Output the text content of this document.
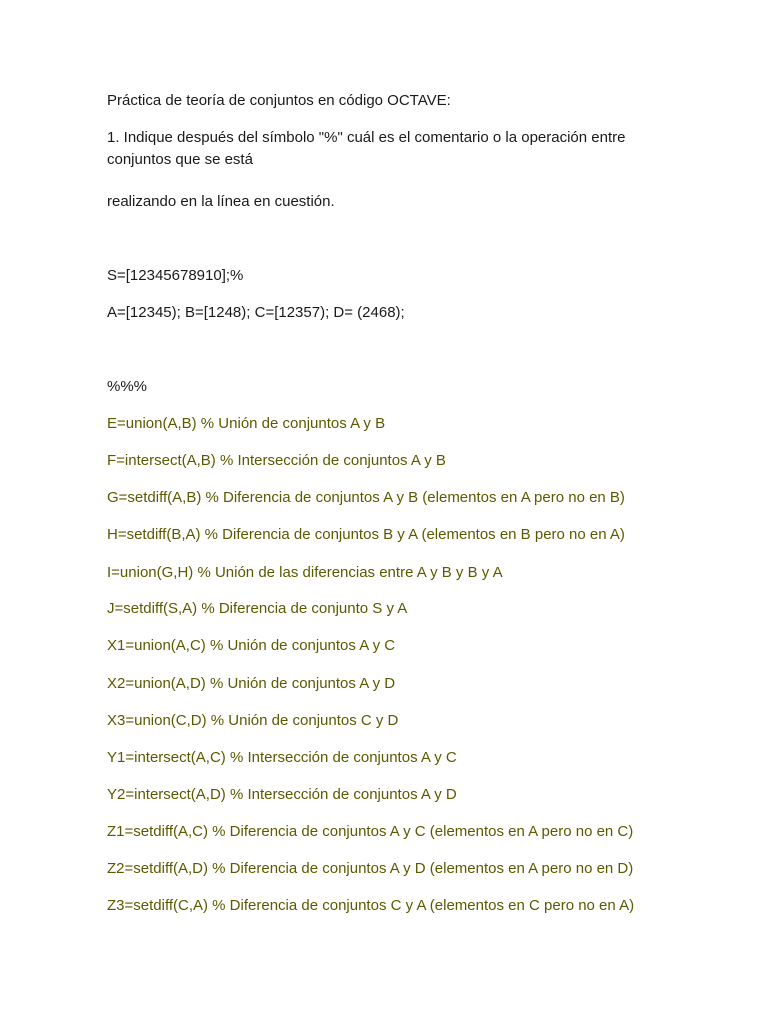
Práctica de teoría de conjuntos en código OCTAVE:

1. Indique después del símbolo "%" cuál es el comentario o la operación entre conjuntos que se está

realizando en la línea en cuestión.

S=[12345678910];%

A=[12345); B=[1248); C=[12357); D= (2468);

%%%

E=union(A,B) % Unión de conjuntos A y B

F=intersect(A,B) % Intersección de conjuntos A y B

G=setdiff(A,B) % Diferencia de conjuntos A y B (elementos en A pero no en B)

H=setdiff(B,A) % Diferencia de conjuntos B y A (elementos en B pero no en A)

I=union(G,H) % Unión de las diferencias entre A y B y B y A

J=setdiff(S,A) % Diferencia de conjunto S y A

X1=union(A,C) % Unión de conjuntos A y C

X2=union(A,D) % Unión de conjuntos A y D

X3=union(C,D) % Unión de conjuntos C y D

Y1=intersect(A,C) % Intersección de conjuntos A y C

Y2=intersect(A,D) % Intersección de conjuntos A y D

Z1=setdiff(A,C) % Diferencia de conjuntos A y C (elementos en A pero no en C)

Z2=setdiff(A,D) % Diferencia de conjuntos A y D (elementos en A pero no en D)

Z3=setdiff(C,A) % Diferencia de conjuntos C y A (elementos en C pero no en A)
